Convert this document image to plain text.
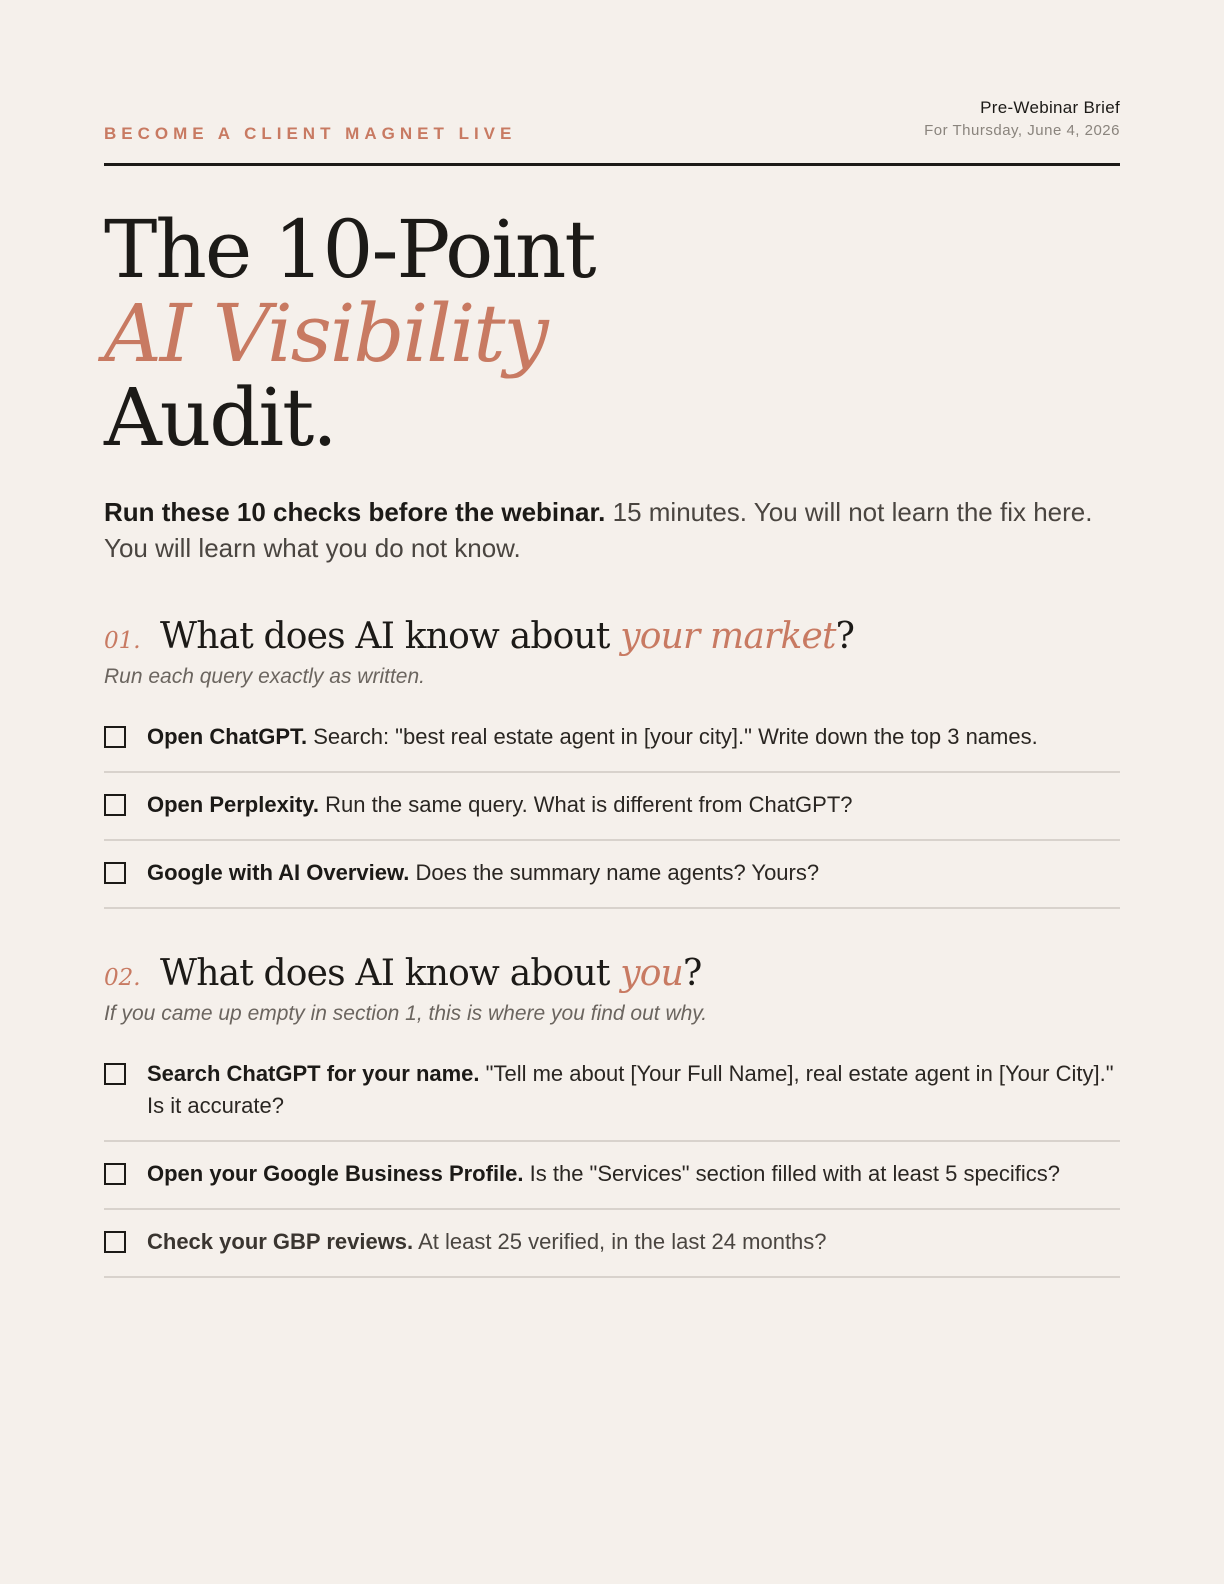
BECOME A CLIENT MAGNET LIVE
Pre-Webinar Brief
For Thursday, June 4, 2026
The 10-Point
AI Visibility
Audit.

Run these 10 checks before the webinar. 15 minutes. You will not learn the fix here. You will learn what you do not know.

01. What does AI know about your market?
Run each query exactly as written.
Open ChatGPT. Search: "best real estate agent in [your city]." Write down the top 3 names.
Open Perplexity. Run the same query. What is different from ChatGPT?
Google with AI Overview. Does the summary name agents? Yours?
02. What does AI know about you?
If you came up empty in section 1, this is where you find out why.
Search ChatGPT for your name. "Tell me about [Your Full Name], real estate agent in [Your City]." Is it accurate?
Open your Google Business Profile. Is the "Services" section filled with at least 5 specifics?
Check your GBP reviews. At least 25 verified, in the last 24 months?
